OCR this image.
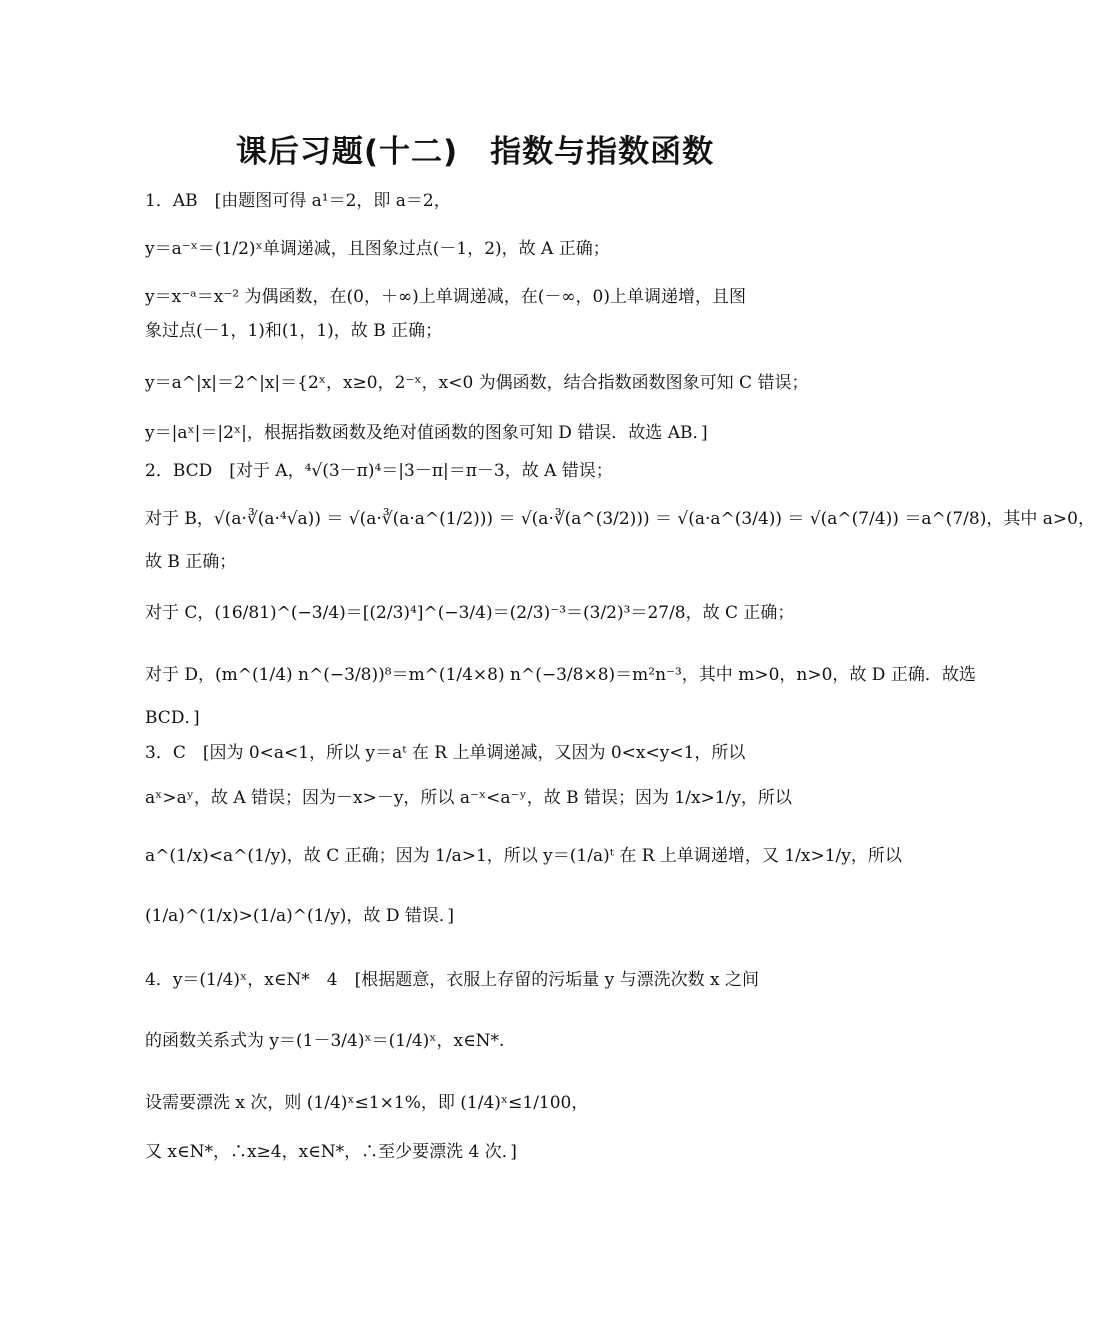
课后习题(十二)　指数与指数函数
1．AB　[由题图可得 a¹＝2，即 a＝2，
y＝a⁻ˣ＝(1/2)ˣ单调递减，且图象过点(－1，2)，故 A 正确；
y＝x⁻ᵃ＝x⁻² 为偶函数，在(0，＋∞)上单调递减，在(－∞，0)上单调递增，且图
象过点(－1，1)和(1，1)，故 B 正确；
y＝a^|x|＝2^|x|＝{2ˣ，x≥0，2⁻ˣ，x<0 为偶函数，结合指数函数图象可知 C 错误；
y＝|aˣ|＝|2ˣ|，根据指数函数及绝对值函数的图象可知 D 错误．故选 AB．]
2．BCD　[对于 A，⁴√(3－π)⁴＝|3－π|＝π－3，故 A 错误；
对于 B，√(a·∛(a·⁴√a)) ＝ √(a·∛(a·a^(1/2))) ＝ √(a·∛(a^(3/2))) ＝ √(a·a^(3/4)) ＝ √(a^(7/4)) ＝a^(7/8)，其中 a>0，
故 B 正确；
对于 C，(16/81)^(−3/4)＝[(2/3)⁴]^(−3/4)＝(2/3)⁻³＝(3/2)³＝27/8，故 C 正确；
对于 D，(m^(1/4) n^(−3/8))⁸＝m^(1/4×8) n^(−3/8×8)＝m²n⁻³，其中 m>0，n>0，故 D 正确．故选
BCD．]
3．C　[因为 0<a<1，所以 y＝aᵗ 在 R 上单调递减，又因为 0<x<y<1，所以
aˣ>aʸ，故 A 错误；因为－x>－y，所以 a⁻ˣ<a⁻ʸ，故 B 错误；因为 1/x>1/y，所以
a^(1/x)<a^(1/y)，故 C 正确；因为 1/a>1，所以 y＝(1/a)ᵗ 在 R 上单调递增，又 1/x>1/y，所以
(1/a)^(1/x)>(1/a)^(1/y)，故 D 错误．]
4．y＝(1/4)ˣ，x∈N*　4　[根据题意，衣服上存留的污垢量 y 与漂洗次数 x 之间
的函数关系式为 y＝(1－3/4)ˣ＝(1/4)ˣ，x∈N*.
设需要漂洗 x 次，则 (1/4)ˣ≤1×1%，即 (1/4)ˣ≤1/100，
又 x∈N*，∴x≥4，x∈N*，∴至少要漂洗 4 次．]
